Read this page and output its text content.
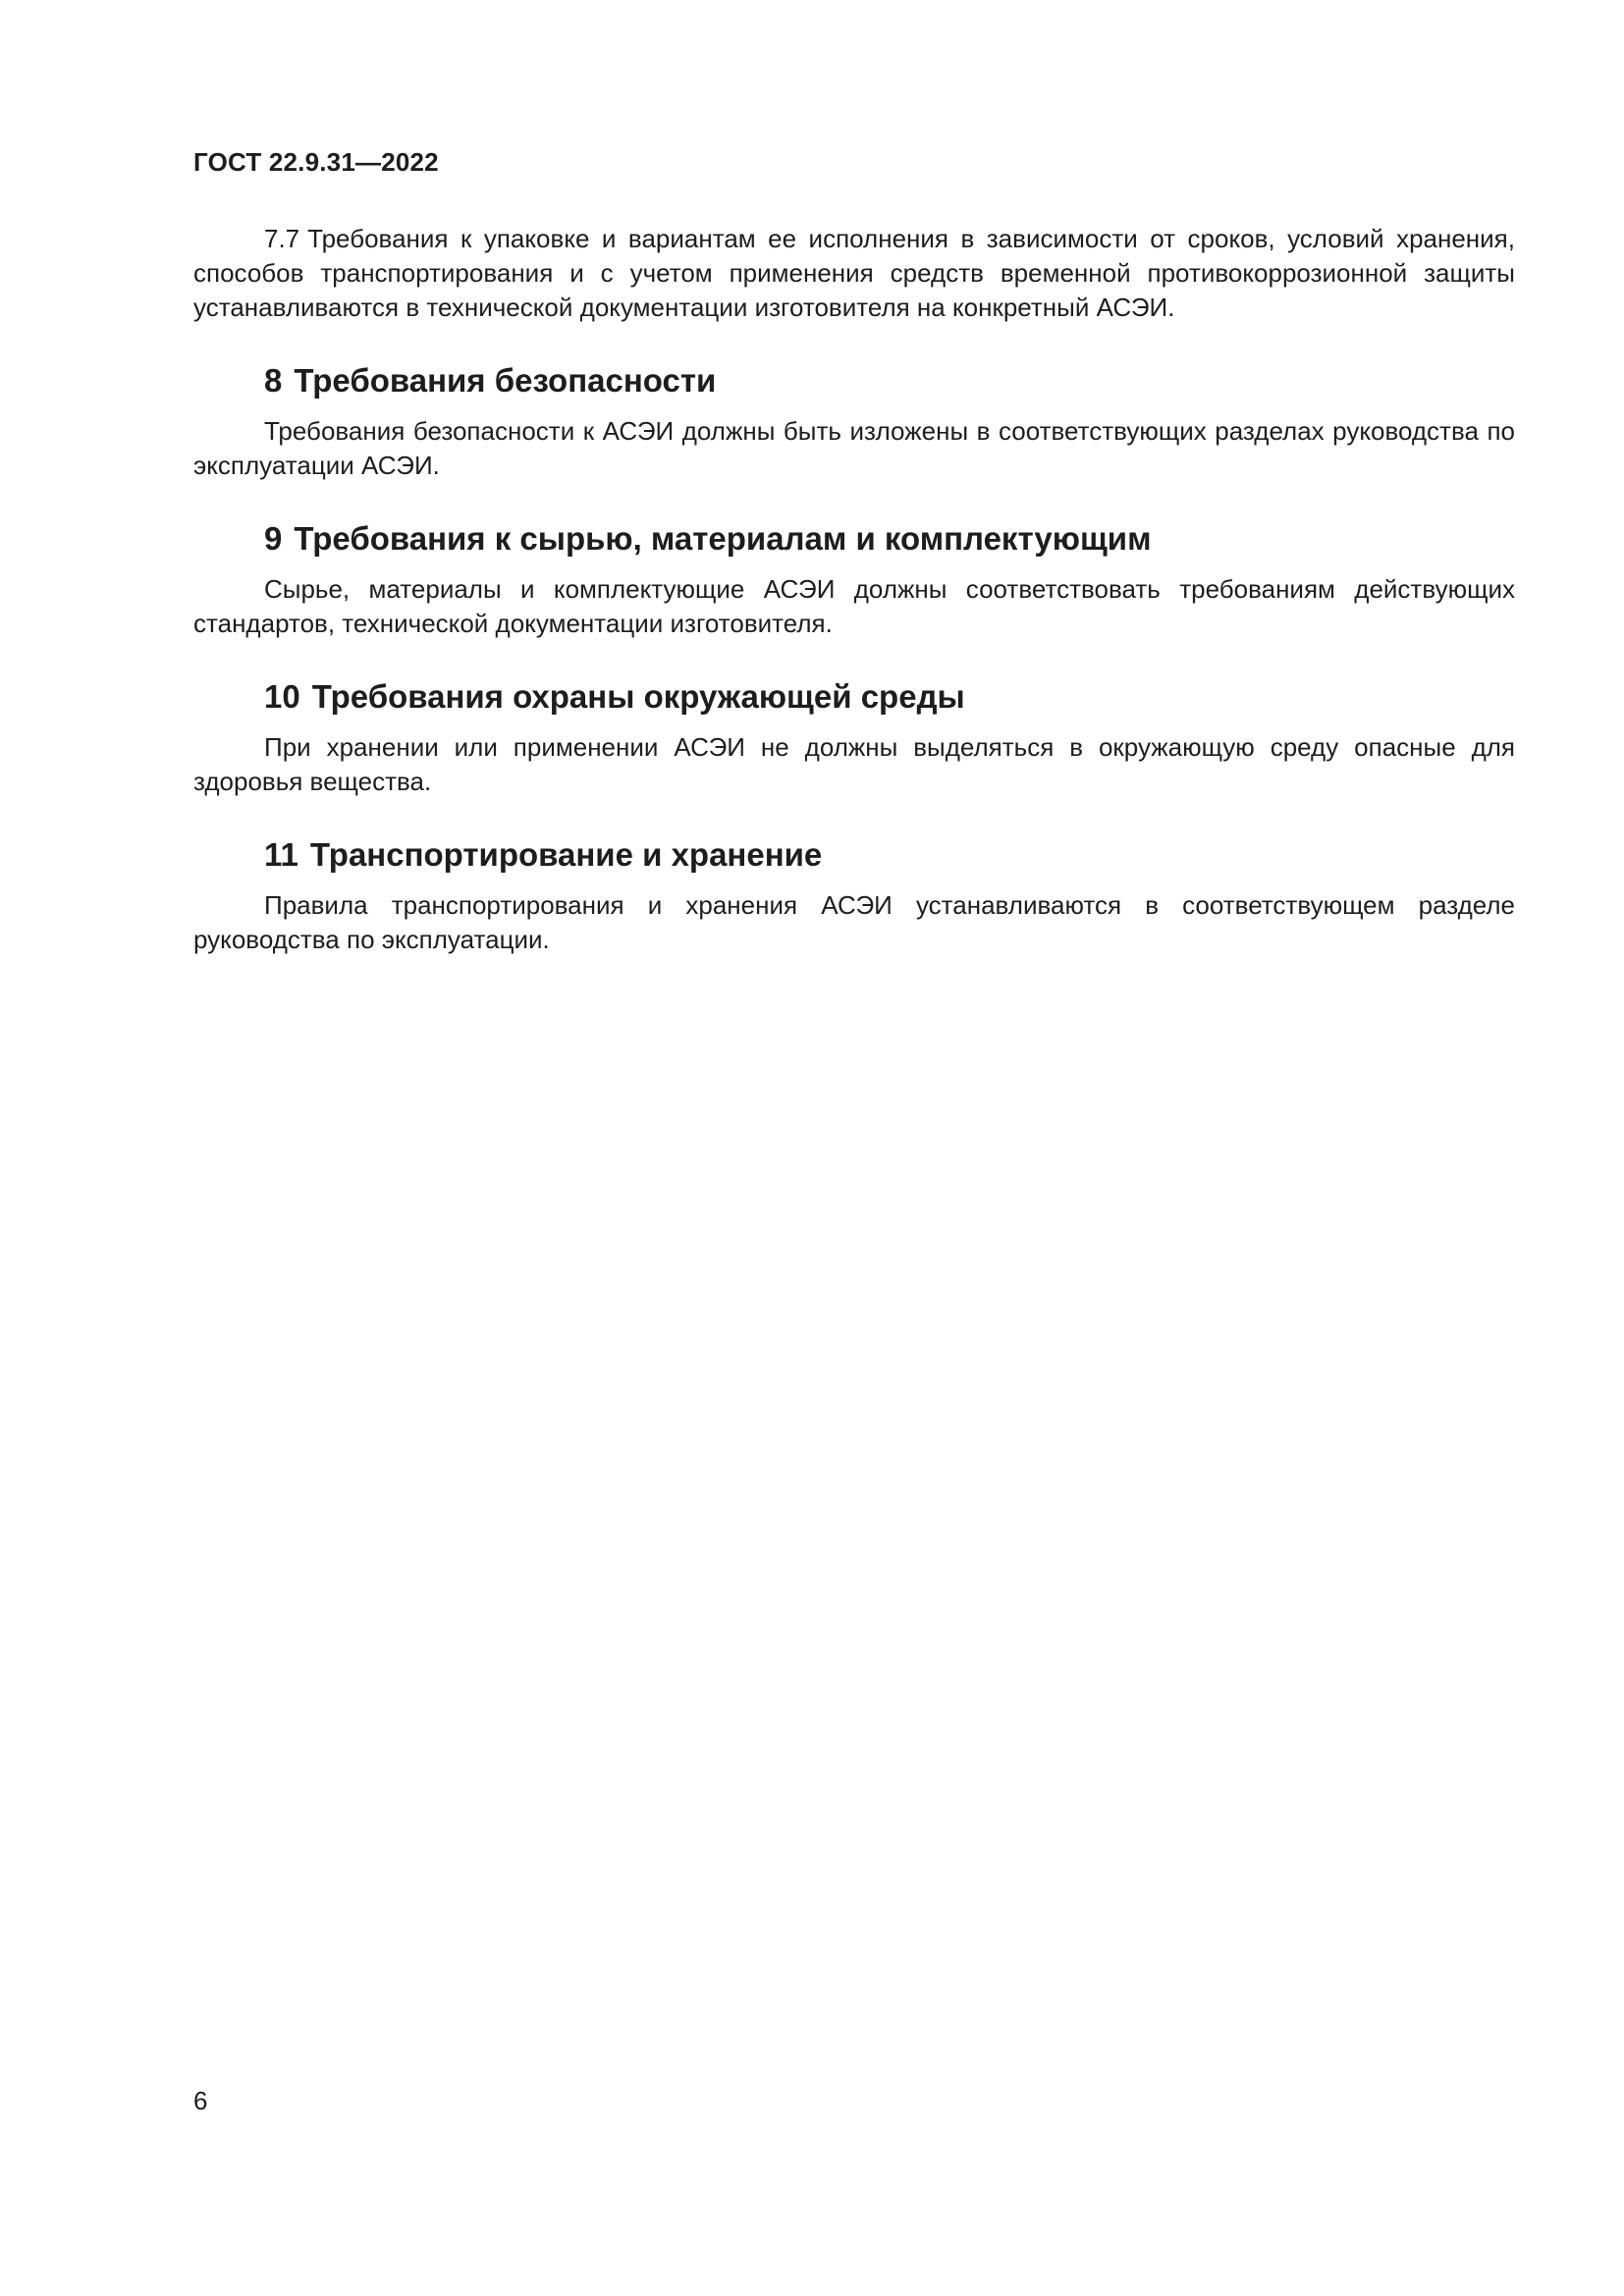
ГОСТ 22.9.31—2022

7.7 Требования к упаковке и вариантам ее исполнения в зависимости от сроков, условий хранения, способов транспортирования и с учетом применения средств временной противокоррозионной защиты устанавливаются в технической документации изготовителя на конкретный АСЭИ.

8 Требования безопасности

Требования безопасности к АСЭИ должны быть изложены в соответствующих разделах руководства по эксплуатации АСЭИ.

9 Требования к сырью, материалам и комплектующим

Сырье, материалы и комплектующие АСЭИ должны соответствовать требованиям действующих стандартов, технической документации изготовителя.

10 Требования охраны окружающей среды

При хранении или применении АСЭИ не должны выделяться в окружающую среду опасные для здоровья вещества.

11 Транспортирование и хранение

Правила транспортирования и хранения АСЭИ устанавливаются в соответствующем разделе руководства по эксплуатации.

6
